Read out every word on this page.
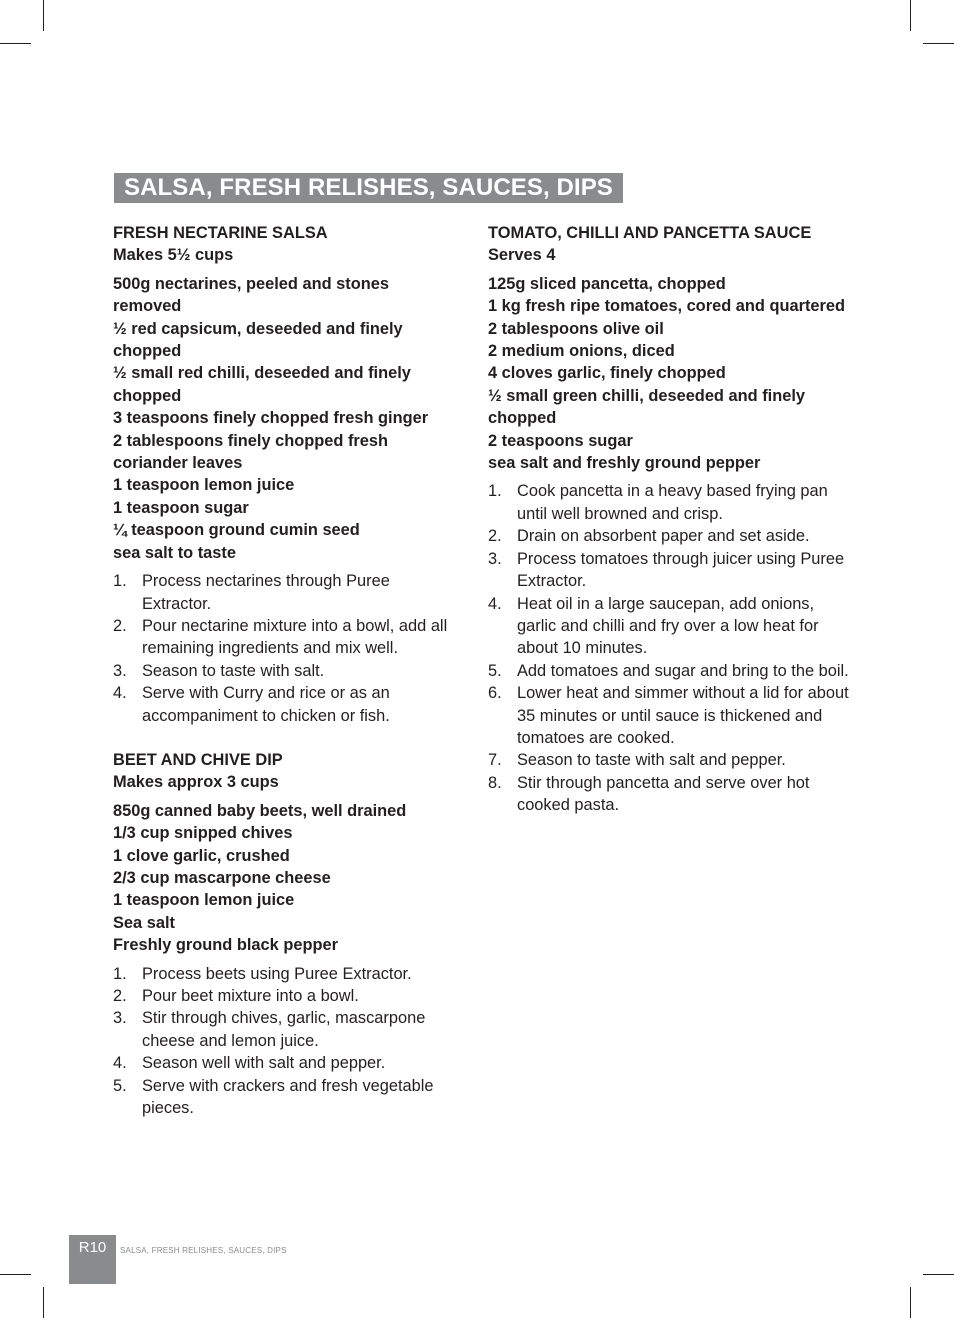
SALSA, FRESH RELISHES, SAUCES, DIPS

FRESH NECTARINE SALSA

Makes 5½ cups

500g nectarines, peeled and stones removed
½ red capsicum, deseeded and finely chopped
½ small red chilli, deseeded and finely chopped
3 teaspoons finely chopped fresh ginger
2 tablespoons finely chopped fresh coriander leaves
1 teaspoon lemon juice
1 teaspoon sugar
¼ teaspoon ground cumin seed
sea salt to taste
1. Process nectarines through Puree Extractor.
2. Pour nectarine mixture into a bowl, add all remaining ingredients and mix well.
3. Season to taste with salt.
4. Serve with Curry and rice or as an accompaniment to chicken or fish.

BEET AND CHIVE DIP

Makes approx 3 cups

850g canned baby beets, well drained
1/3 cup snipped chives
1 clove garlic, crushed
2/3 cup mascarpone cheese
1 teaspoon lemon juice
Sea salt
Freshly ground black pepper
1. Process beets using Puree Extractor.
2. Pour beet mixture into a bowl.
3. Stir through chives, garlic, mascarpone cheese and lemon juice.
4. Season well with salt and pepper.
5. Serve with crackers and fresh vegetable pieces.

TOMATO, CHILLI AND PANCETTA SAUCE

Serves 4

125g sliced pancetta, chopped
1 kg fresh ripe tomatoes, cored and quartered
2 tablespoons olive oil
2 medium onions, diced
4 cloves garlic, finely chopped
½ small green chilli, deseeded and finely chopped
2 teaspoons sugar
sea salt and freshly ground pepper
1. Cook pancetta in a heavy based frying pan until well browned and crisp.
2. Drain on absorbent paper and set aside.
3. Process tomatoes through juicer using Puree Extractor.
4. Heat oil in a large saucepan, add onions, garlic and chilli and fry over a low heat for about 10 minutes.
5. Add tomatoes and sugar and bring to the boil.
6. Lower heat and simmer without a lid for about 35 minutes or until sauce is thickened and tomatoes are cooked.
7. Season to taste with salt and pepper.
8. Stir through pancetta and serve over hot cooked pasta.
R10	SALSA, FRESH RELISHES, SAUCES, DIPS
